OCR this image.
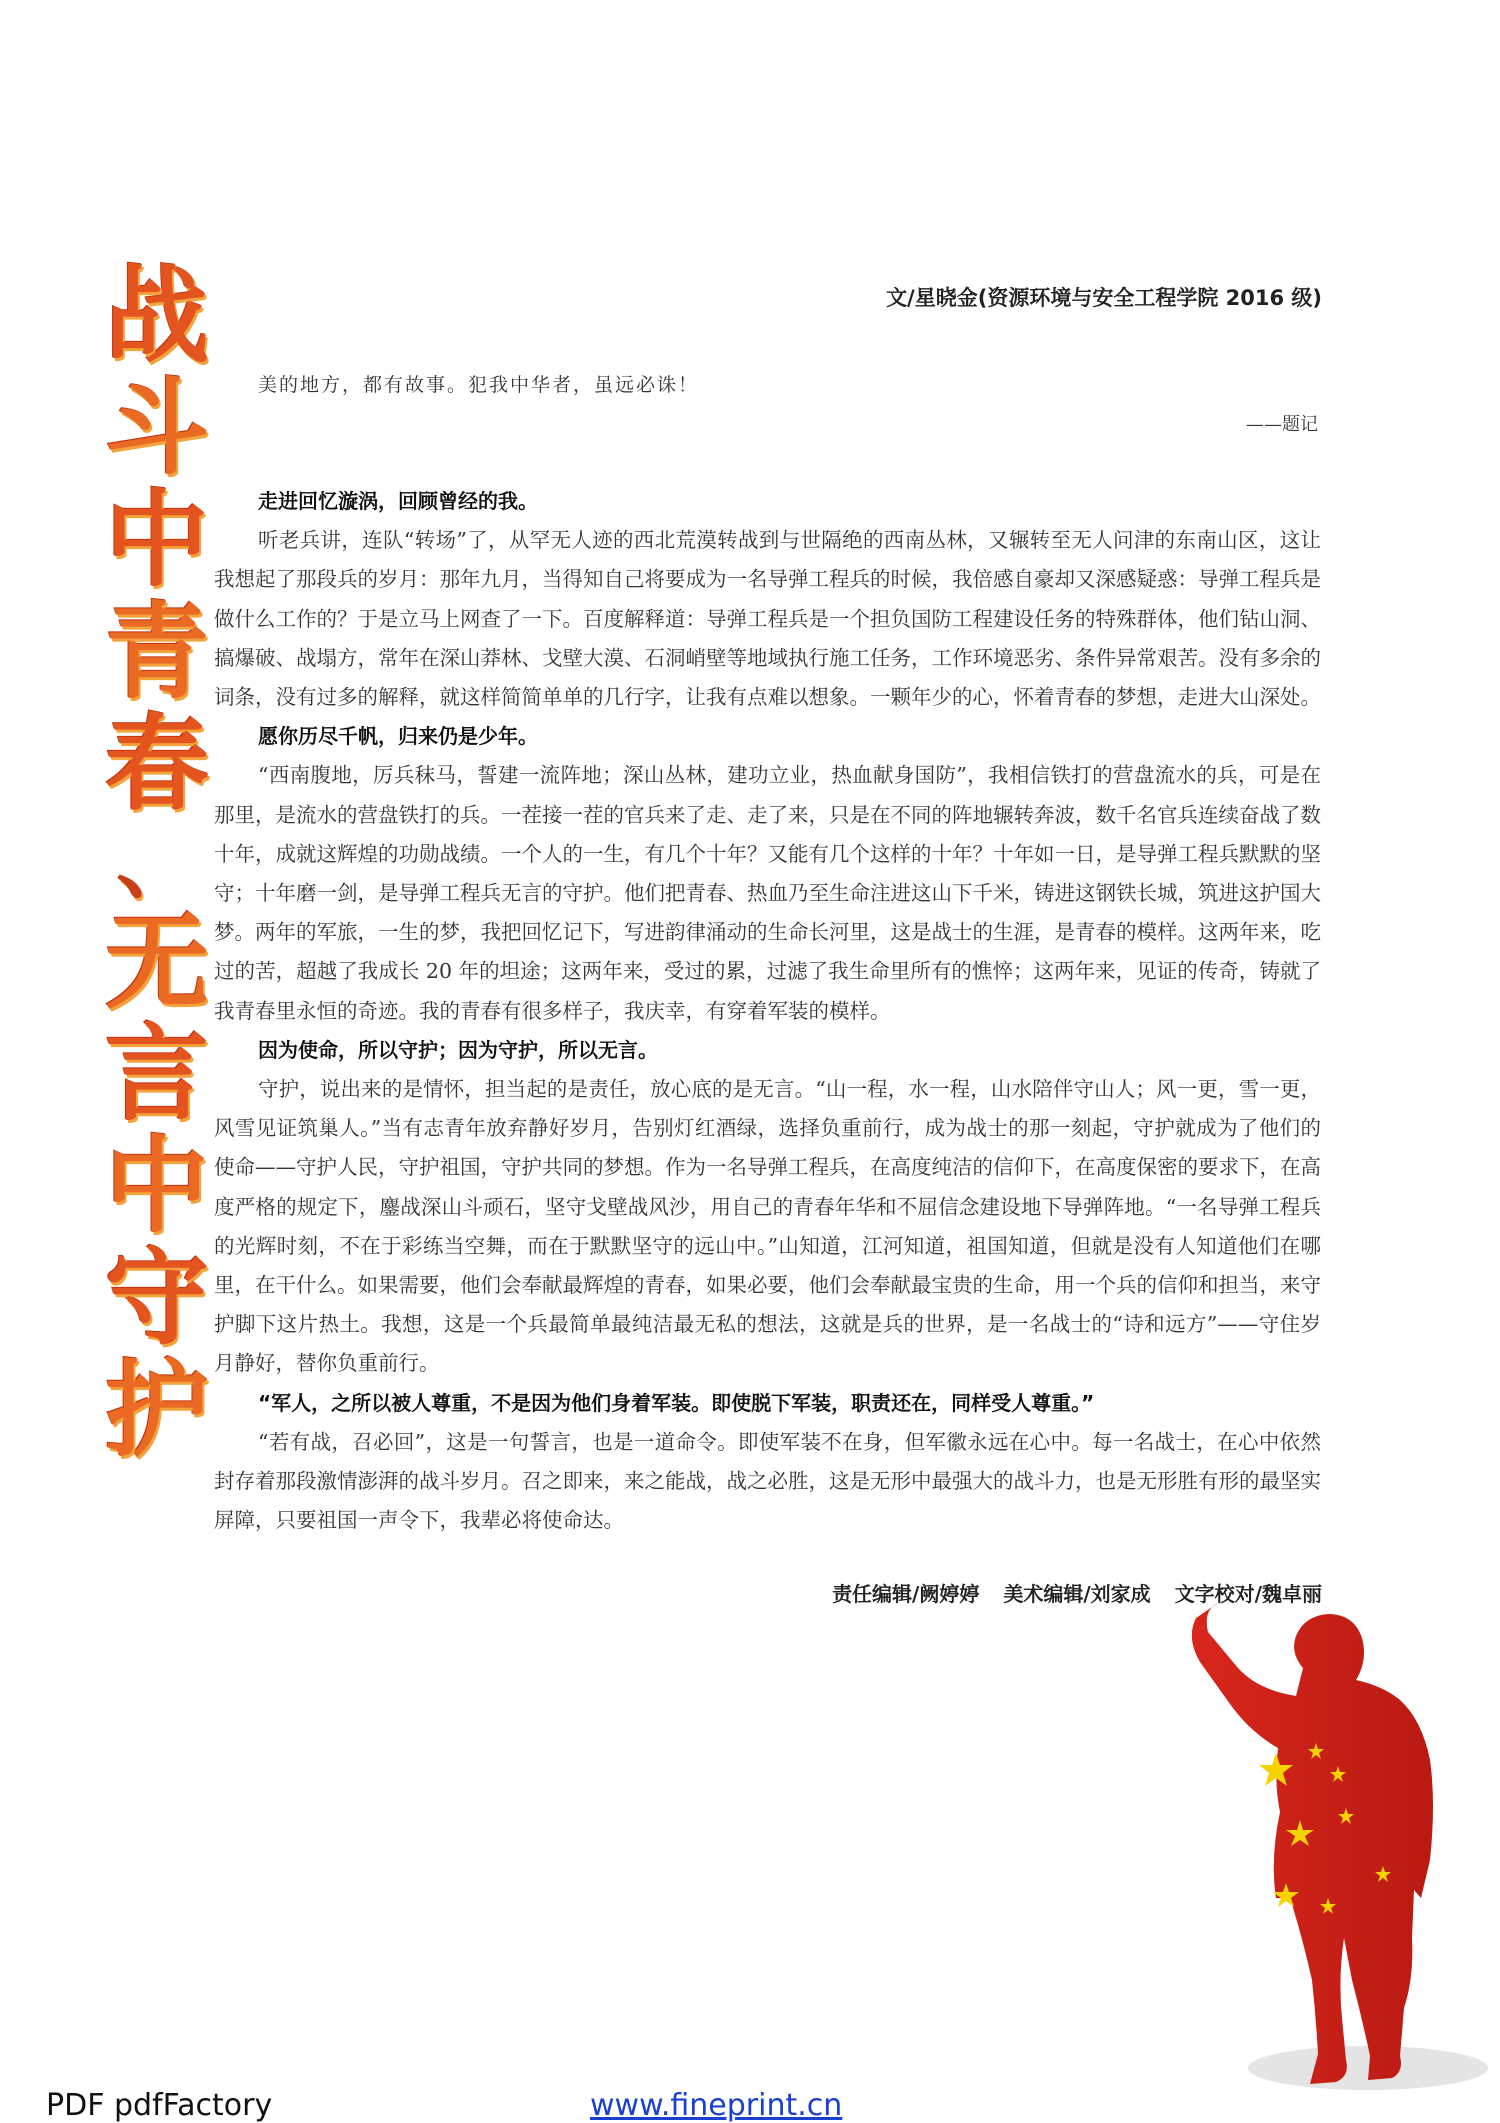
战
斗
中
青
春
、
无
言
中
守
护
文/星晓金(资源环境与安全工程学院 2016 级)
美的地方，都有故事。犯我中华者，虽远必诛！
——题记
走进回忆漩涡，回顾曾经的我。

听老兵讲，连队“转场”了，从罕无人迹的西北荒漠转战到与世隔绝的西南丛林，又辗转至无人问津的东南山区，这让我想起了那段兵的岁月：那年九月，当得知自己将要成为一名导弹工程兵的时候，我倍感自豪却又深感疑惑：导弹工程兵是做什么工作的？于是立马上网查了一下。百度解释道：导弹工程兵是一个担负国防工程建设任务的特殊群体，他们钻山洞、搞爆破、战塌方，常年在深山莽林、戈壁大漠、石洞峭壁等地域执行施工任务，工作环境恶劣、条件异常艰苦。没有多余的词条，没有过多的解释，就这样简简单单的几行字，让我有点难以想象。一颗年少的心，怀着青春的梦想，走进大山深处。

愿你历尽千帆，归来仍是少年。

“西南腹地，厉兵秣马，誓建一流阵地；深山丛林，建功立业，热血献身国防”，我相信铁打的营盘流水的兵，可是在那里，是流水的营盘铁打的兵。一茬接一茬的官兵来了走、走了来，只是在不同的阵地辗转奔波，数千名官兵连续奋战了数十年，成就这辉煌的功勋战绩。一个人的一生，有几个十年？又能有几个这样的十年？十年如一日，是导弹工程兵默默的坚守；十年磨一剑，是导弹工程兵无言的守护。他们把青春、热血乃至生命注进这山下千米，铸进这钢铁长城，筑进这护国大梦。两年的军旅，一生的梦，我把回忆记下，写进韵律涌动的生命长河里，这是战士的生涯，是青春的模样。这两年来，吃过的苦，超越了我成长 20 年的坦途；这两年来，受过的累，过滤了我生命里所有的憔悴；这两年来，见证的传奇，铸就了我青春里永恒的奇迹。我的青春有很多样子，我庆幸，有穿着军装的模样。

因为使命，所以守护；因为守护，所以无言。

守护，说出来的是情怀，担当起的是责任，放心底的是无言。“山一程，水一程，山水陪伴守山人；风一更，雪一更，风雪见证筑巢人。”当有志青年放弃静好岁月，告别灯红酒绿，选择负重前行，成为战士的那一刻起，守护就成为了他们的使命——守护人民，守护祖国，守护共同的梦想。作为一名导弹工程兵，在高度纯洁的信仰下，在高度保密的要求下，在高度严格的规定下，鏖战深山斗顽石，坚守戈壁战风沙，用自己的青春年华和不屈信念建设地下导弹阵地。“一名导弹工程兵的光辉时刻，不在于彩练当空舞，而在于默默坚守的远山中。”山知道，江河知道，祖国知道，但就是没有人知道他们在哪里，在干什么。如果需要，他们会奉献最辉煌的青春，如果必要，他们会奉献最宝贵的生命，用一个兵的信仰和担当，来守护脚下这片热土。我想，这是一个兵最简单最纯洁最无私的想法，这就是兵的世界，是一名战士的“诗和远方”——守住岁月静好，替你负重前行。

“军人，之所以被人尊重，不是因为他们身着军装。即使脱下军装，职责还在，同样受人尊重。”

“若有战，召必回”，这是一句誓言，也是一道命令。即使军装不在身，但军徽永远在心中。每一名战士，在心中依然封存着那段激情澎湃的战斗岁月。召之即来，来之能战，战之必胜，这是无形中最强大的战斗力，也是无形胜有形的最坚实屏障，只要祖国一声令下，我辈必将使命达。

责任编辑/阙婷婷 美术编辑/刘家成 文字校对/魏卓丽
PDF pdfFactory	www.fineprint.cn
